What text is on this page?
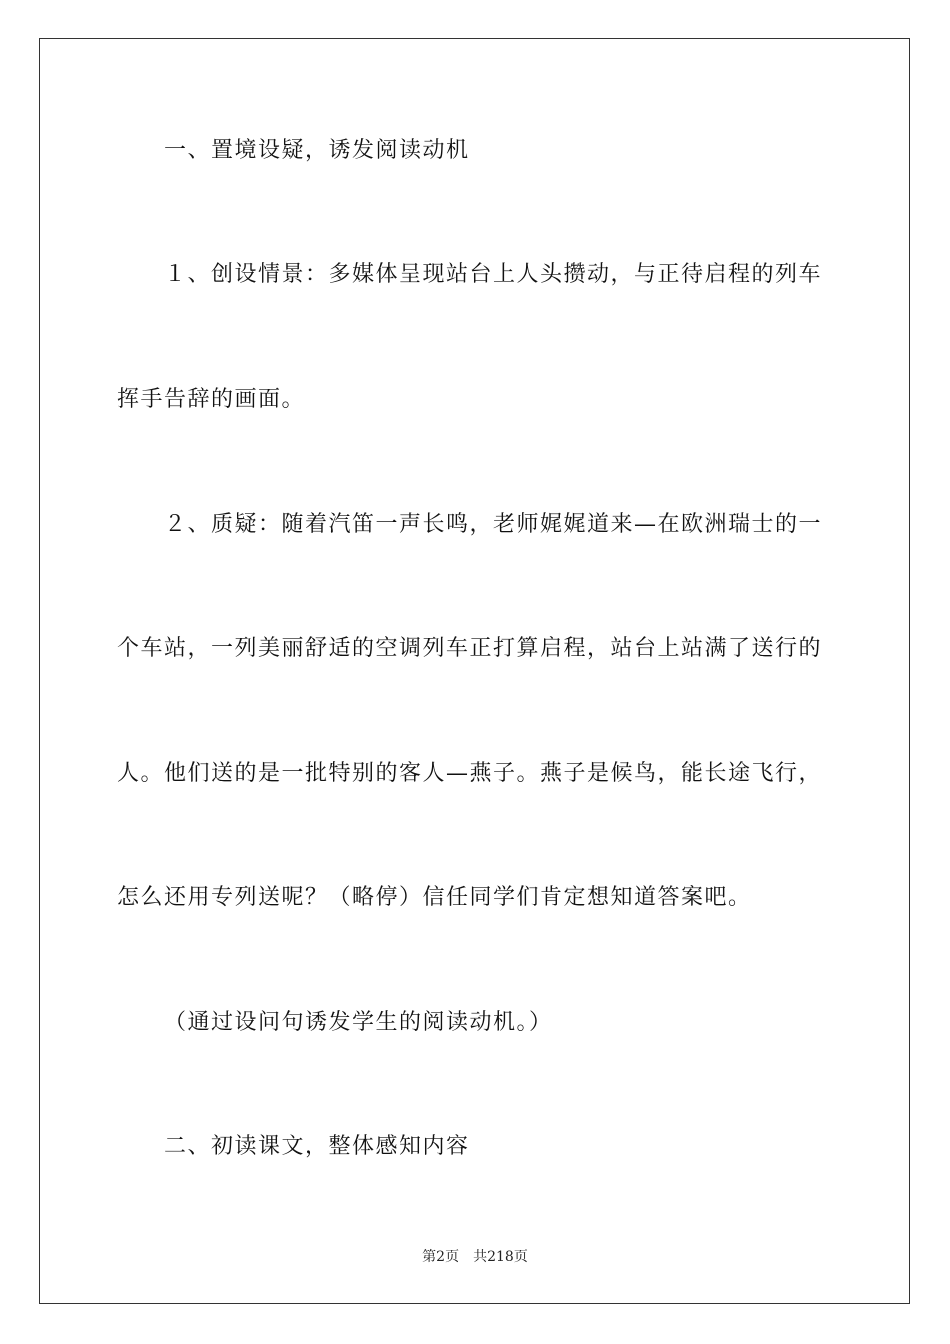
一、置境设疑，诱发阅读动机
１、创设情景：多媒体呈现站台上人头攒动，与正待启程的列车
挥手告辞的画面。
２、质疑：随着汽笛一声长鸣，老师娓娓道来—在欧洲瑞士的一
个车站，一列美丽舒适的空调列车正打算启程，站台上站满了送行的
人。他们送的是一批特别的客人—燕子。燕子是候鸟，能长途飞行，
怎么还用专列送呢？（略停）信任同学们肯定想知道答案吧。
（通过设问句诱发学生的阅读动机。）
二、初读课文，整体感知内容
第2页 共218页
